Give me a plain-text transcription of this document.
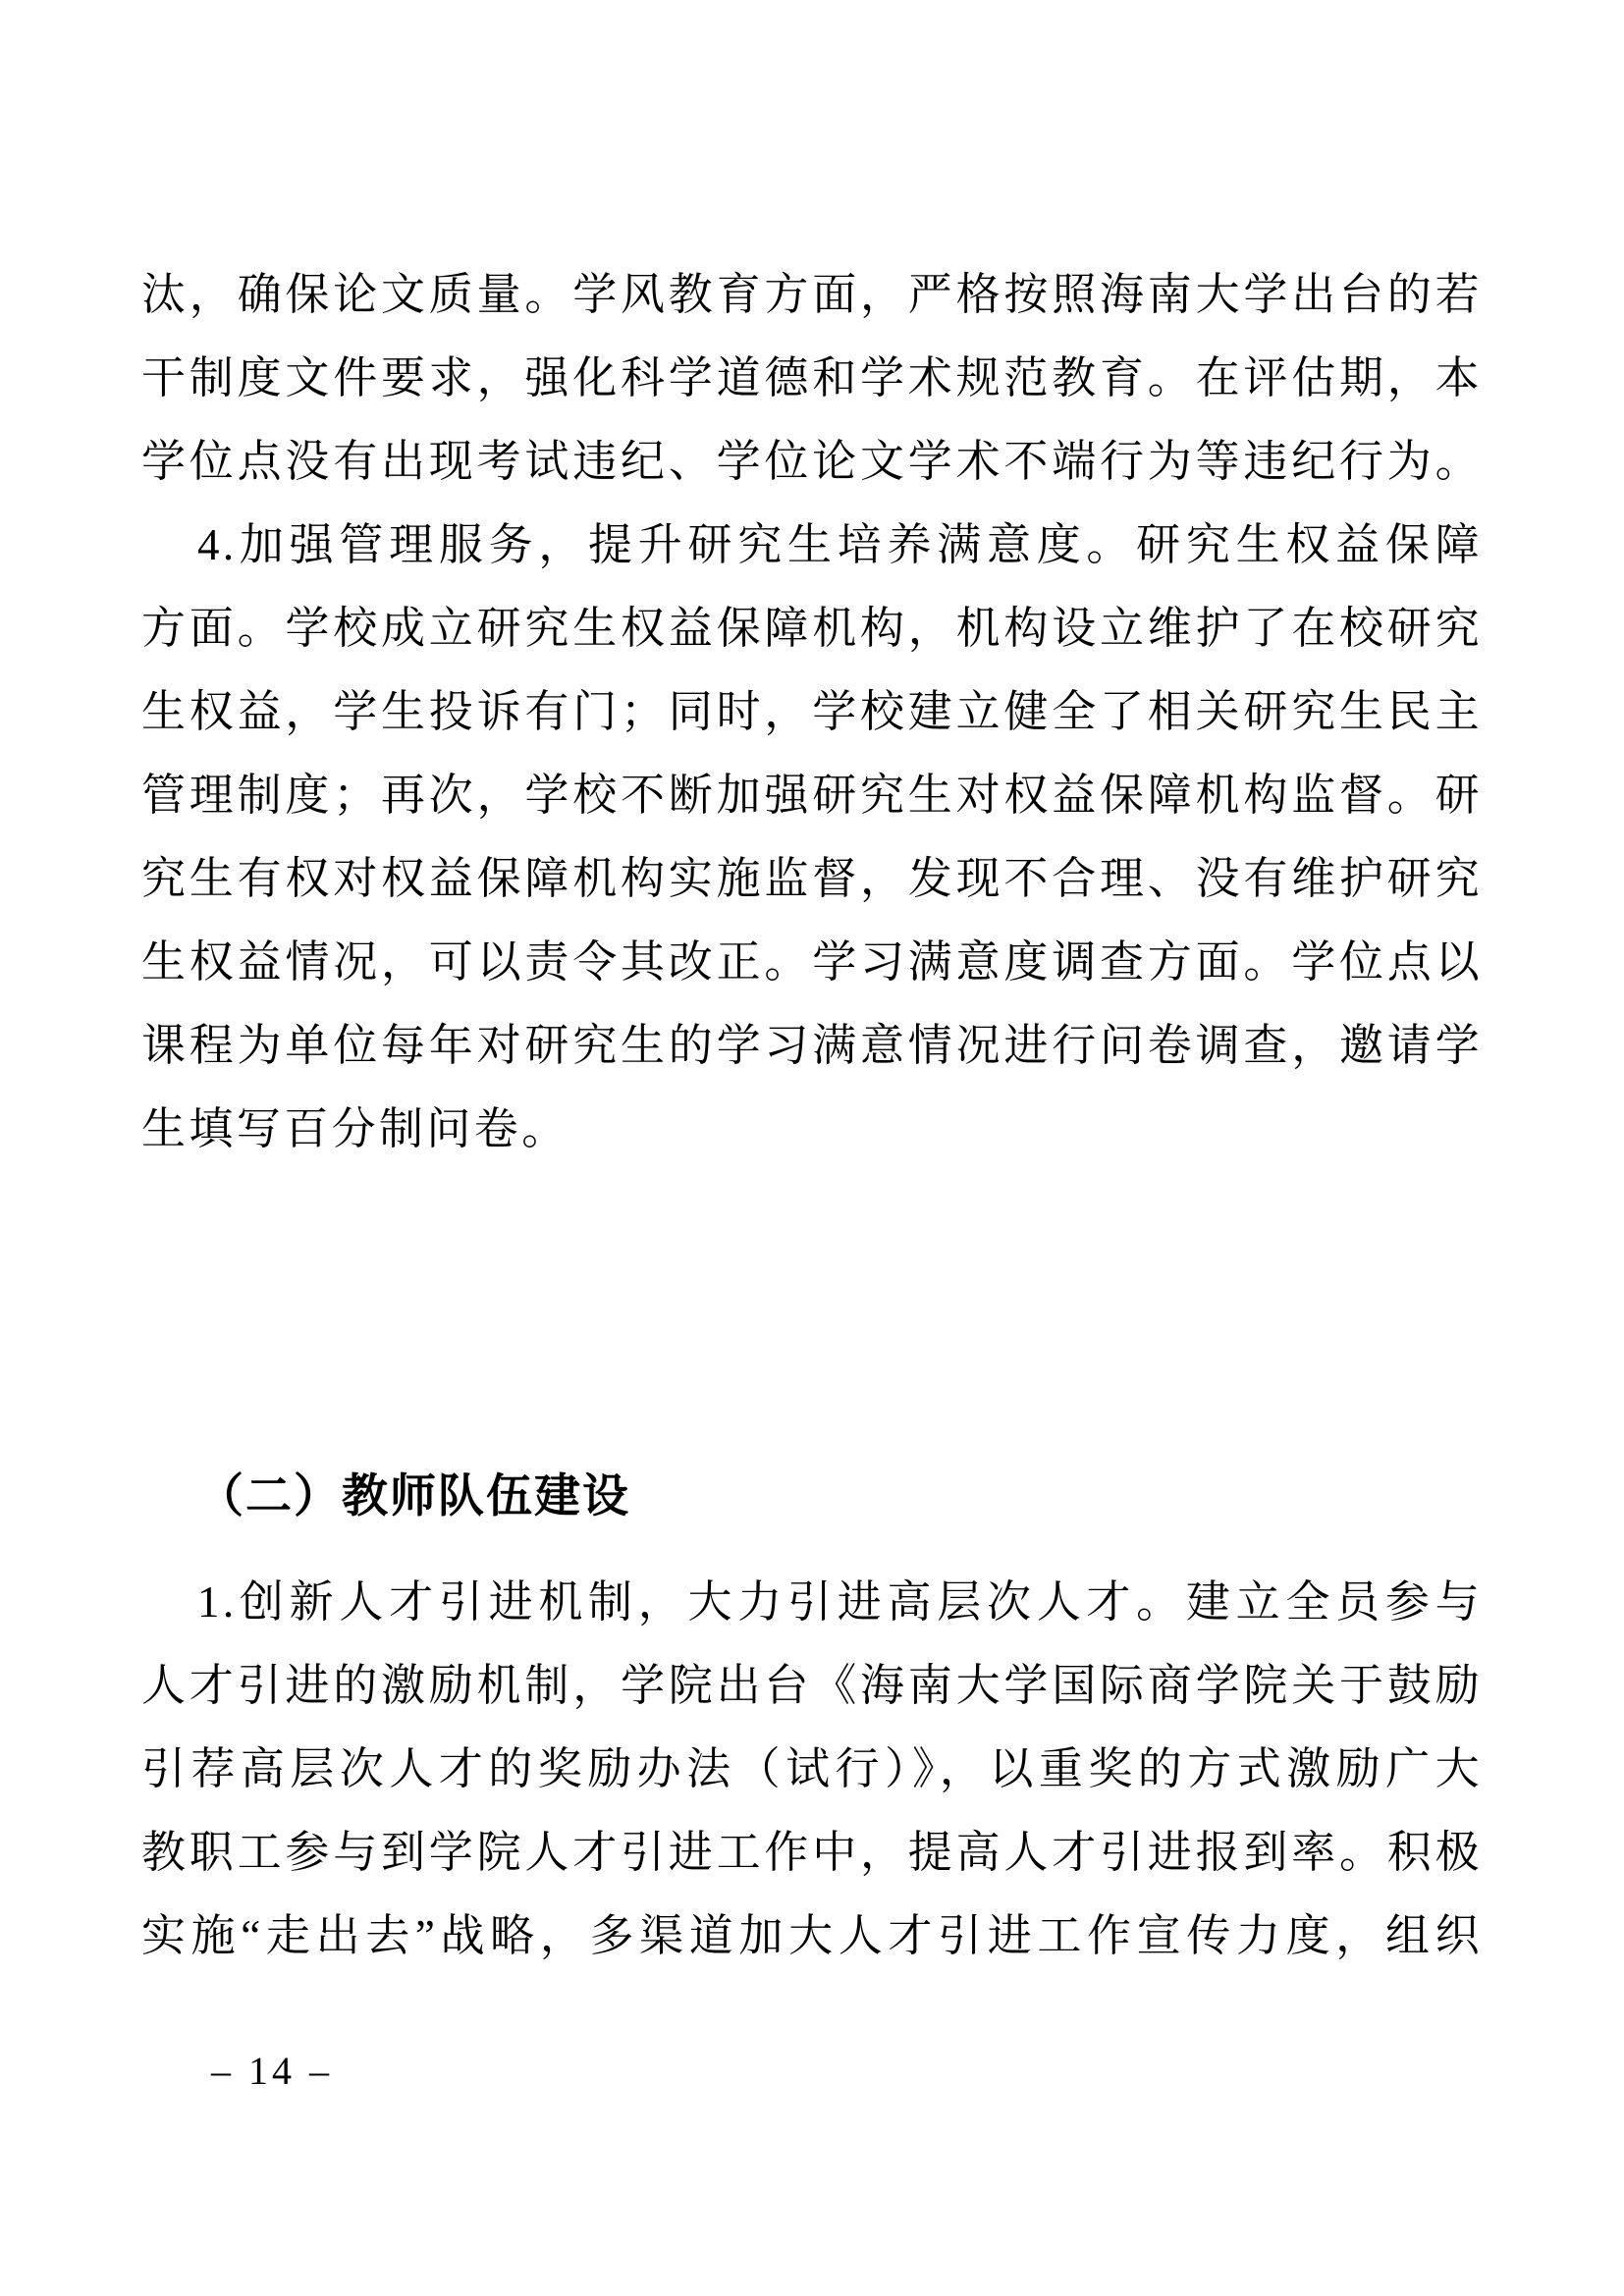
汰，确保论文质量。学风教育方面，严格按照海南大学出台的若
干制度文件要求，强化科学道德和学术规范教育。在评估期，本
学位点没有出现考试违纪、学位论文学术不端行为等违纪行为。
4.加强管理服务，提升研究生培养满意度。研究生权益保障
方面。学校成立研究生权益保障机构，机构设立维护了在校研究
生权益，学生投诉有门；同时，学校建立健全了相关研究生民主
管理制度；再次，学校不断加强研究生对权益保障机构监督。研
究生有权对权益保障机构实施监督，发现不合理、没有维护研究
生权益情况，可以责令其改正。学习满意度调查方面。学位点以
课程为单位每年对研究生的学习满意情况进行问卷调查，邀请学
生填写百分制问卷。
（二）教师队伍建设
1.创新人才引进机制，大力引进高层次人才。建立全员参与
人才引进的激励机制，学院出台《海南大学国际商学院关于鼓励
引荐高层次人才的奖励办法（试行）》，以重奖的方式激励广大
教职工参与到学院人才引进工作中，提高人才引进报到率。积极
实施“走出去”战略，多渠道加大人才引进工作宣传力度，组织
– 14 –
